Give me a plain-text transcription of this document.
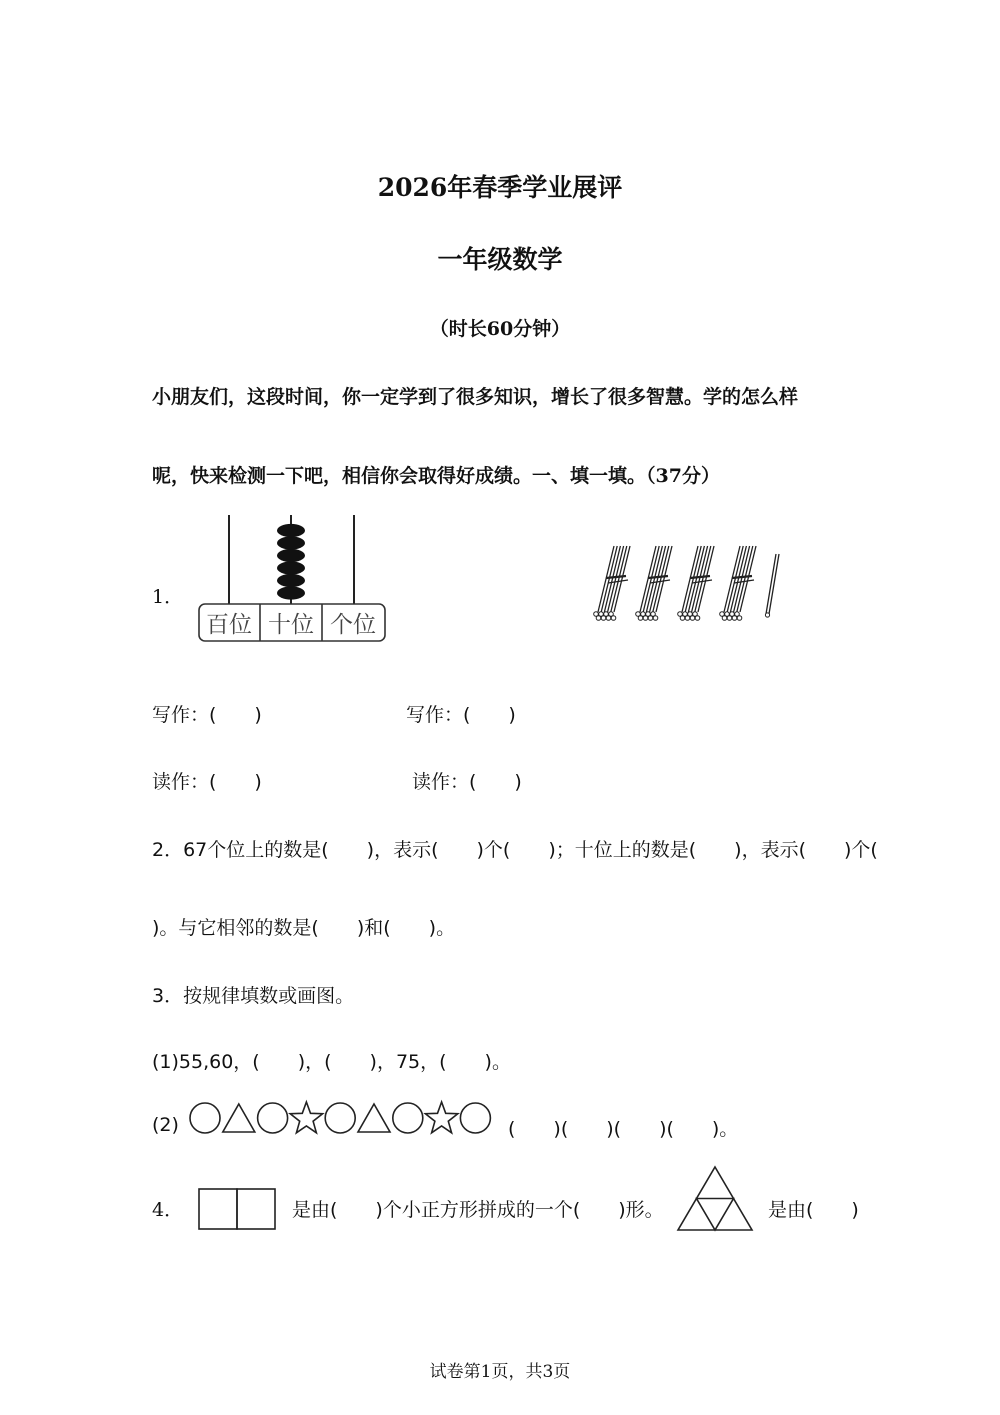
2026年春季学业展评
一年级数学
（时长60分钟）
小朋友们，这段时间，你一定学到了很多知识，增长了很多智慧。学的怎么样
呢，快来检测一下吧，相信你会取得好成绩。一、填一填。（37分）
1．
百位 十位 个位
写作：(　　)	写作：(　　)
读作：(　　)	读作：(　　)
2．67个位上的数是(　　)，表示(　　)个(　　)；十位上的数是(　　)，表示(　　)个(
)。与它相邻的数是(　　)和(　　)。
3．按规律填数或画图。
(1)55,60，(　　)，(　　)，75，(　　)。
(2)	(　　)(　　)(　　)(　　)。
4．	是由(　　)个小正方形拼成的一个(　　)形。	是由(　　)
试卷第1页，共3页
